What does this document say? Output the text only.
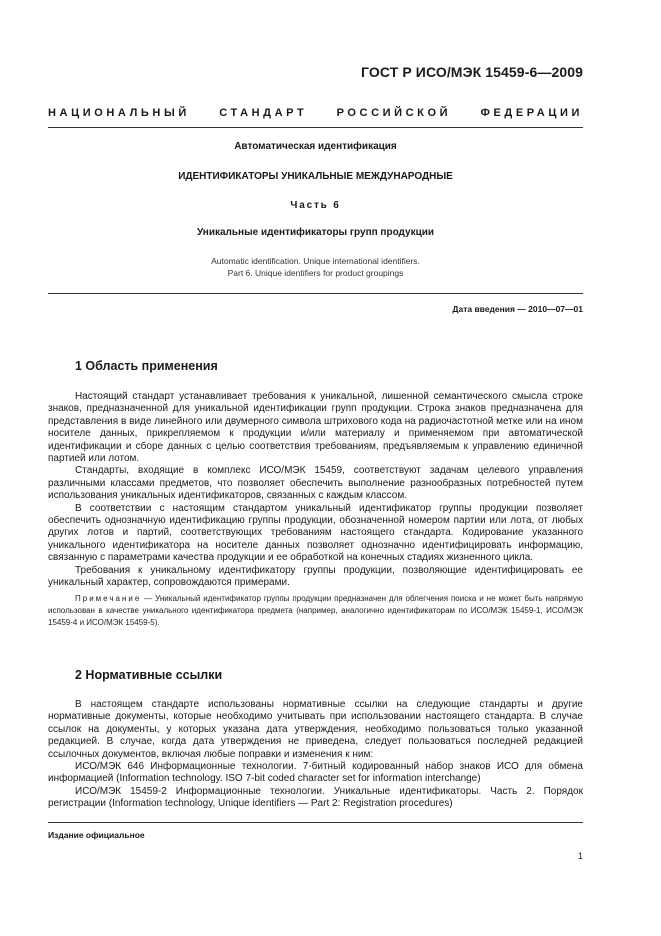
ГОСТ Р ИСО/МЭК 15459-6—2009
НАЦИОНАЛЬНЫЙ	СТАНДАРТ	РОССИЙСКОЙ	ФЕДЕРАЦИИ
Автоматическая идентификация
ИДЕНТИФИКАТОРЫ УНИКАЛЬНЫЕ МЕЖДУНАРОДНЫЕ
Часть 6
Уникальные идентификаторы групп продукции
Automatic identification. Unique international identifiers.
Part 6. Unique identifiers for product groupings
Дата введения — 2010—07—01
1 Область применения

Настоящий стандарт устанавливает требования к уникальной, лишенной семантического смысла строке знаков, предназначенной для уникальной идентификации групп продукции. Строка знаков предназначена для представления в виде линейного или двумерного символа штрихового кода на радиочастотной метке или на ином носителе данных, прикрепляемом к продукции и/или материалу и применяемом при автоматической идентификации и сборе данных с целью соответствия требованиям, предъявляемым к управлению единичной партией или лотом.

Стандарты, входящие в комплекс ИСО/МЭК 15459, соответствуют задачам целевого управления различными классами предметов, что позволяет обеспечить выполнение разнообразных потребностей путем использования уникальных идентификаторов, связанных с каждым классом.

В соответствии с настоящим стандартом уникальный идентификатор группы продукции позволяет обеспечить однозначную идентификацию группы продукции, обозначенной номером партии или лота, от любых других лотов и партий, соответствующих требованиям настоящего стандарта. Кодирование указанного уникального идентификатора на носителе данных позволяет однозначно идентифицировать информацию, связанную с параметрами качества продукции и ее обработкой на конечных стадиях жизненного цикла.

Требования к уникальному идентификатору группы продукции, позволяющие идентифицировать ее уникальный характер, сопровождаются примерами.

Примечание — Уникальный идентификатор группы продукции предназначен для облегчения поиска и не может быть напрямую использован в качестве уникального идентификатора предмета (например, аналогично идентификаторам по ИСО/МЭК 15459-1, ИСО/МЭК 15459-4 и ИСО/МЭК 15459-5).

2 Нормативные ссылки

В настоящем стандарте использованы нормативные ссылки на следующие стандарты и другие нормативные документы, которые необходимо учитывать при использовании настоящего стандарта. В случае ссылок на документы, у которых указана дата утверждения, необходимо пользоваться только указанной редакцией. В случае, когда дата утверждения не приведена, следует пользоваться последней редакцией ссылочных документов, включая любые поправки и изменения к ним:

ИСО/МЭК 646 Информационные технологии. 7-битный кодированный набор знаков ИСО для обмена информацией (Information technology. ISO 7-bit coded character set for information interchange)

ИСО/МЭК 15459-2 Информационные технологии. Уникальные идентификаторы. Часть 2. Порядок регистрации (Information technology, Unique identifiers — Part 2: Registration procedures)

Издание официальное
1
